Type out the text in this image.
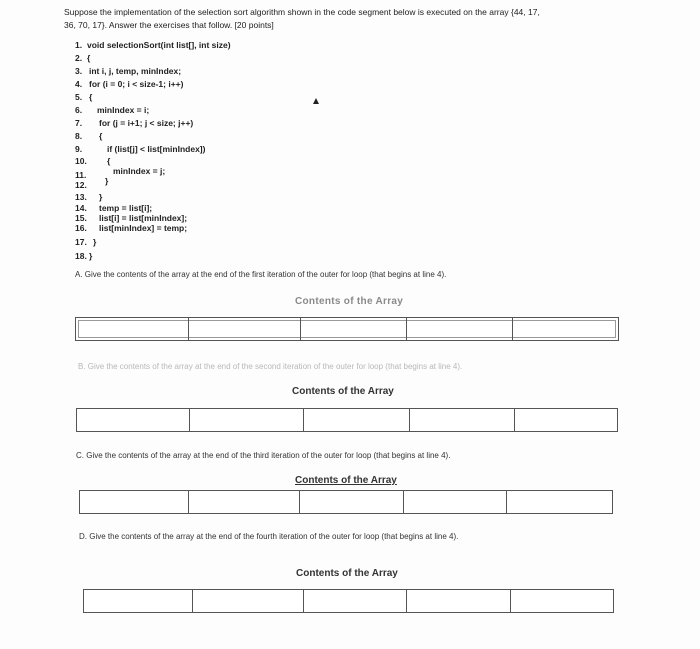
Suppose the implementation of the selection sort algorithm shown in the code segment below is executed on the array {44, 17,
36, 70, 17}. Answer the exercises that follow. [20 points]
1. void selectionSort(int list[], int size)
2. {
3. int i, j, temp, minIndex;
4. for (i = 0; i < size-1; i++)
5. {
6. minIndex = i;
7. for (j = i+1; j < size; j++)
8. {
9.	if (list[j] < list[minIndex])
10. {
11.	minIndex = j;
12. }
13. }
14. temp = list[i];
15. list[i] = list[minIndex];
16. list[minIndex] = temp;
17. }
18. }
A. Give the contents of the array at the end of the first iteration of the outer for loop (that begins at line 4).
Contents of the Array
B. Give the contents of the array at the end of the second iteration of the outer for loop (that begins at line 4).
Contents of the Array
C. Give the contents of the array at the end of the third iteration of the outer for loop (that begins at line 4).
Contents of the Array
D. Give the contents of the array at the end of the fourth iteration of the outer for loop (that begins at line 4).
Contents of the Array
